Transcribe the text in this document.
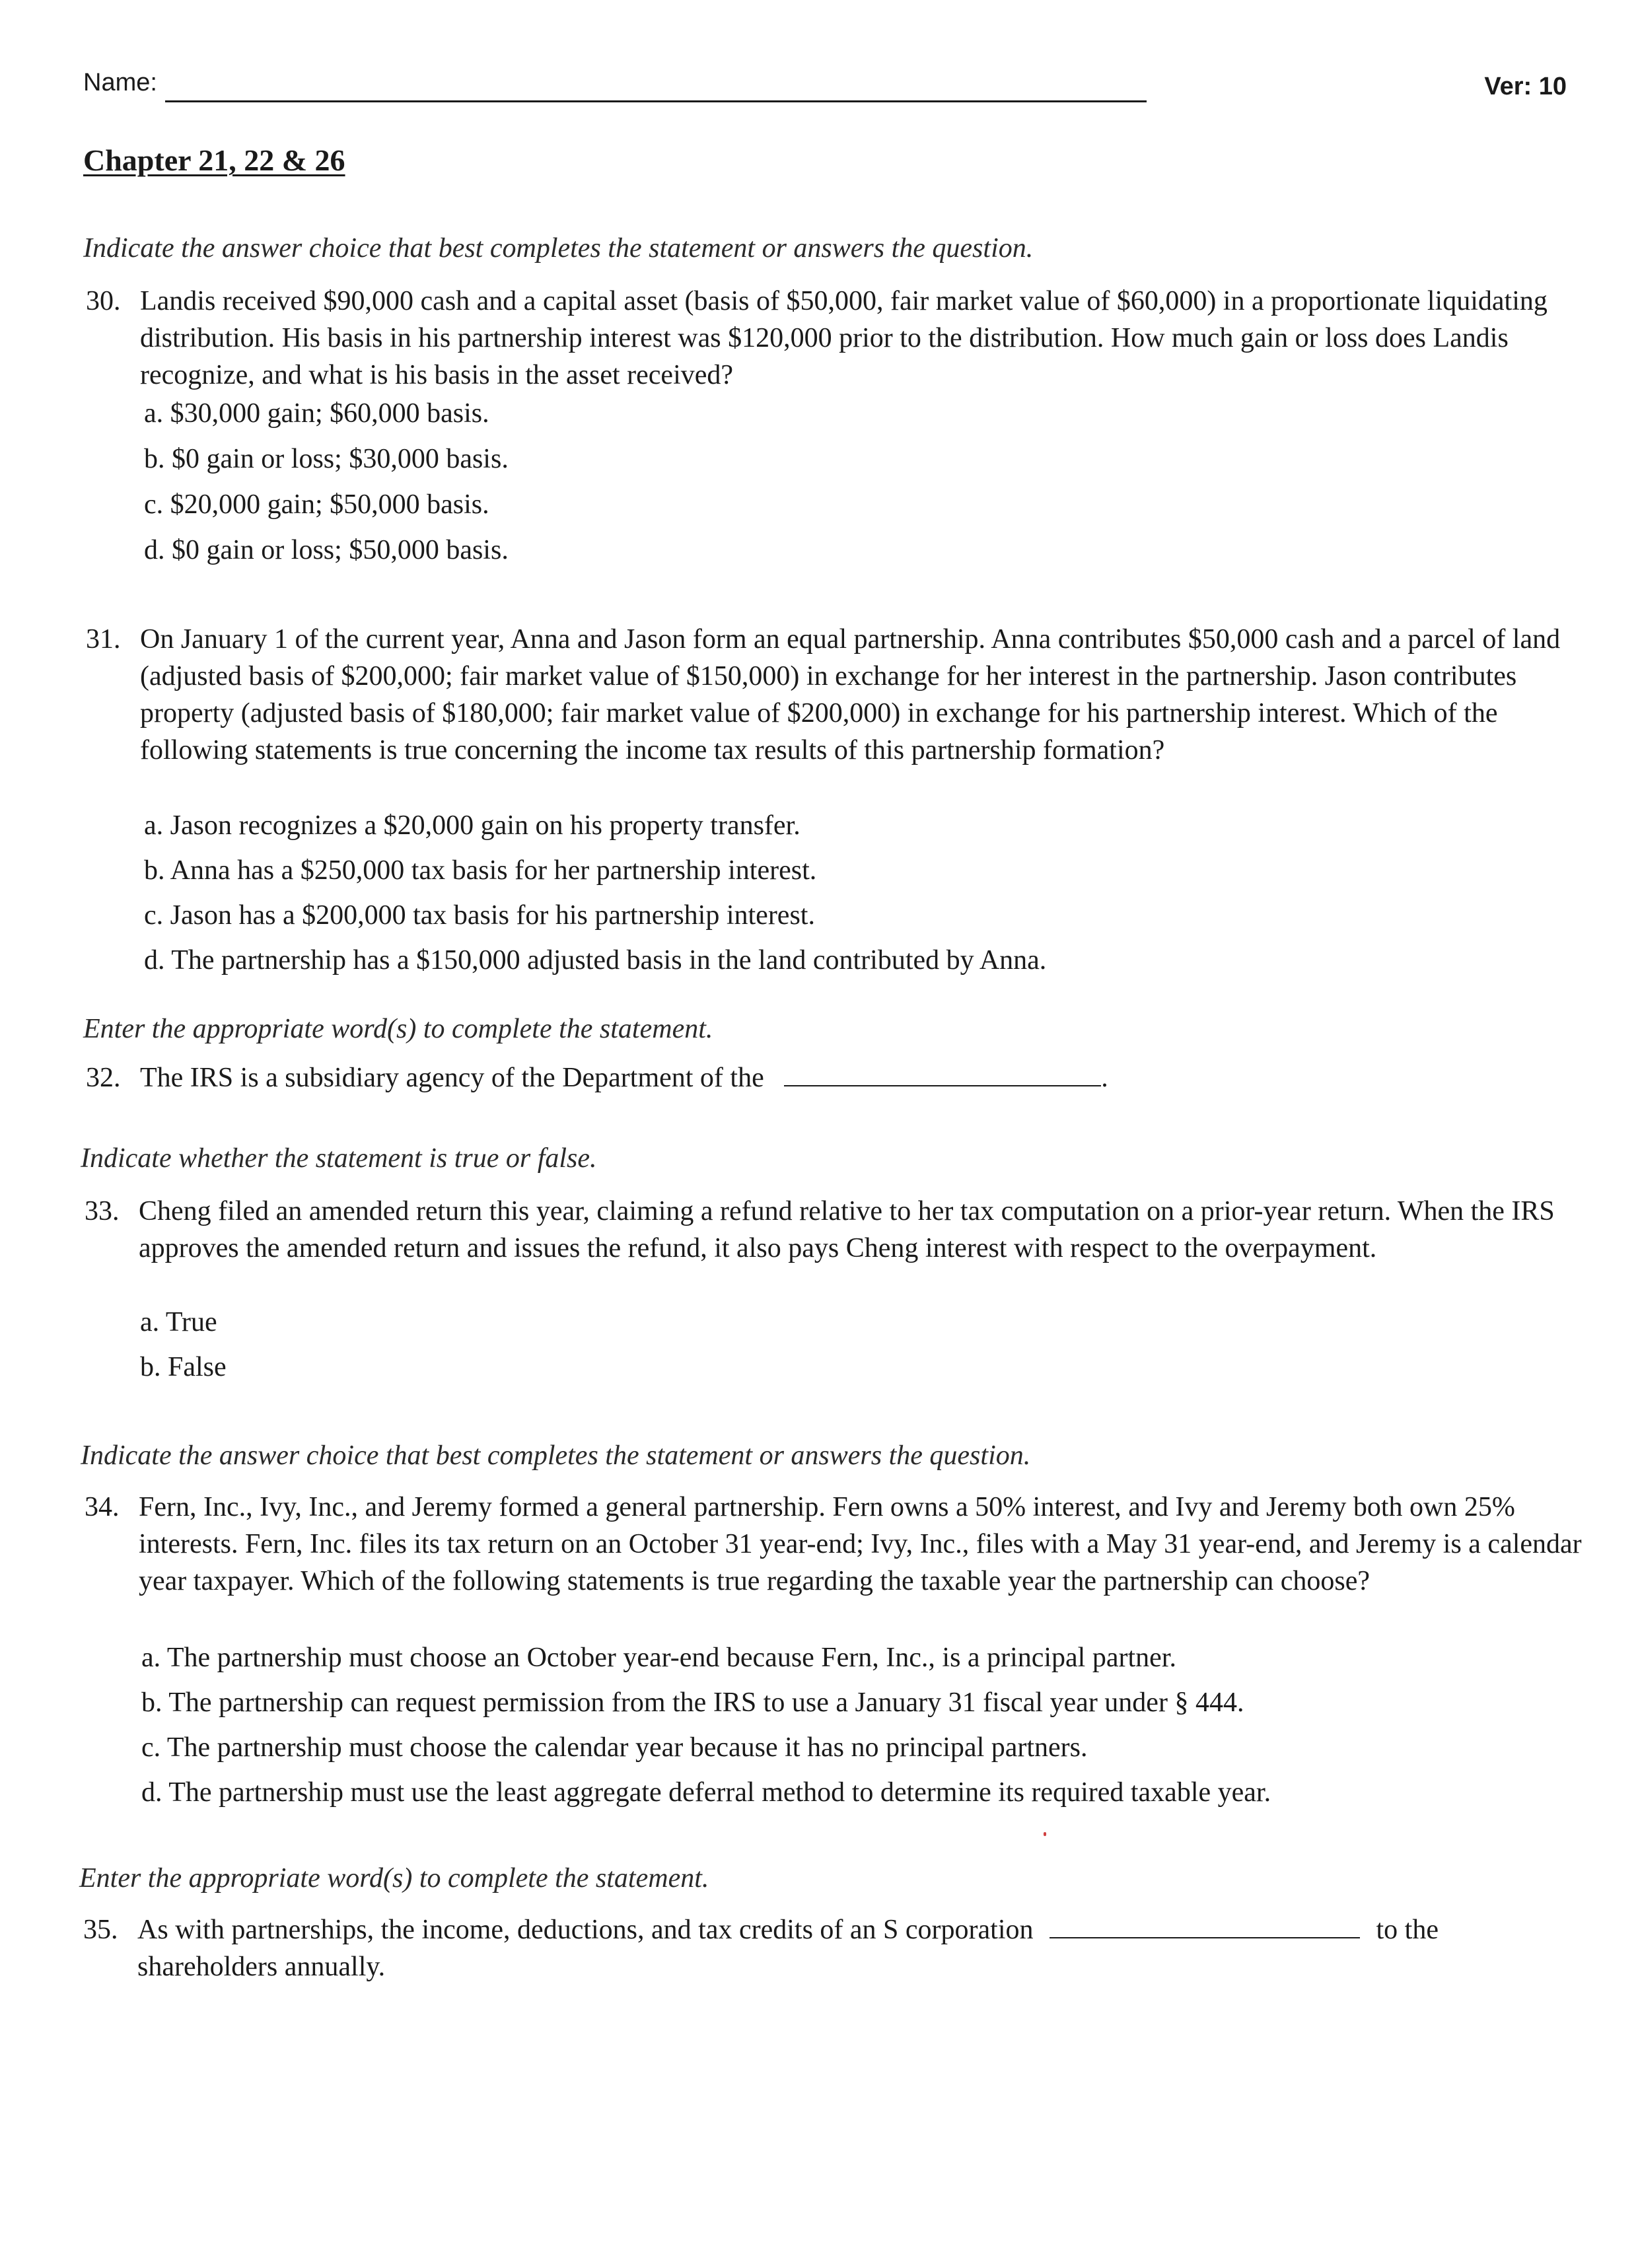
Name:	Ver: 10
Chapter 21, 22 & 26
Indicate the answer choice that best completes the statement or answers the question.
30. Landis received $90,000 cash and a capital asset (basis of $50,000, fair market value of $60,000) in a proportionate liquidating distribution. His basis in his partnership interest was $120,000 prior to the distribution. How much gain or loss does Landis recognize, and what is his basis in the asset received?
a. $30,000 gain; $60,000 basis.
b. $0 gain or loss; $30,000 basis.
c. $20,000 gain; $50,000 basis.
d. $0 gain or loss; $50,000 basis.
31. On January 1 of the current year, Anna and Jason form an equal partnership. Anna contributes $50,000 cash and a parcel of land (adjusted basis of $200,000; fair market value of $150,000) in exchange for her interest in the partnership. Jason contributes property (adjusted basis of $180,000; fair market value of $200,000) in exchange for his partnership interest. Which of the following statements is true concerning the income tax results of this partnership formation?
a. Jason recognizes a $20,000 gain on his property transfer.
b. Anna has a $250,000 tax basis for her partnership interest.
c. Jason has a $200,000 tax basis for his partnership interest.
d. The partnership has a $150,000 adjusted basis in the land contributed by Anna.
Enter the appropriate word(s) to complete the statement.
32. The IRS is a subsidiary agency of the Department of the	.
Indicate whether the statement is true or false.
33. Cheng filed an amended return this year, claiming a refund relative to her tax computation on a prior-year return. When the IRS approves the amended return and issues the refund, it also pays Cheng interest with respect to the overpayment.
a. True
b. False
Indicate the answer choice that best completes the statement or answers the question.
34. Fern, Inc., Ivy, Inc., and Jeremy formed a general partnership. Fern owns a 50% interest, and Ivy and Jeremy both own 25% interests. Fern, Inc. files its tax return on an October 31 year-end; Ivy, Inc., files with a May 31 year-end, and Jeremy is a calendar year taxpayer. Which of the following statements is true regarding the taxable year the partnership can choose?
a. The partnership must choose an October year-end because Fern, Inc., is a principal partner.
b. The partnership can request permission from the IRS to use a January 31 fiscal year under § 444.
c. The partnership must choose the calendar year because it has no principal partners.
d. The partnership must use the least aggregate deferral method to determine its required taxable year.
Enter the appropriate word(s) to complete the statement.
35. As with partnerships, the income, deductions, and tax credits of an S corporation	to the
shareholders annually.
